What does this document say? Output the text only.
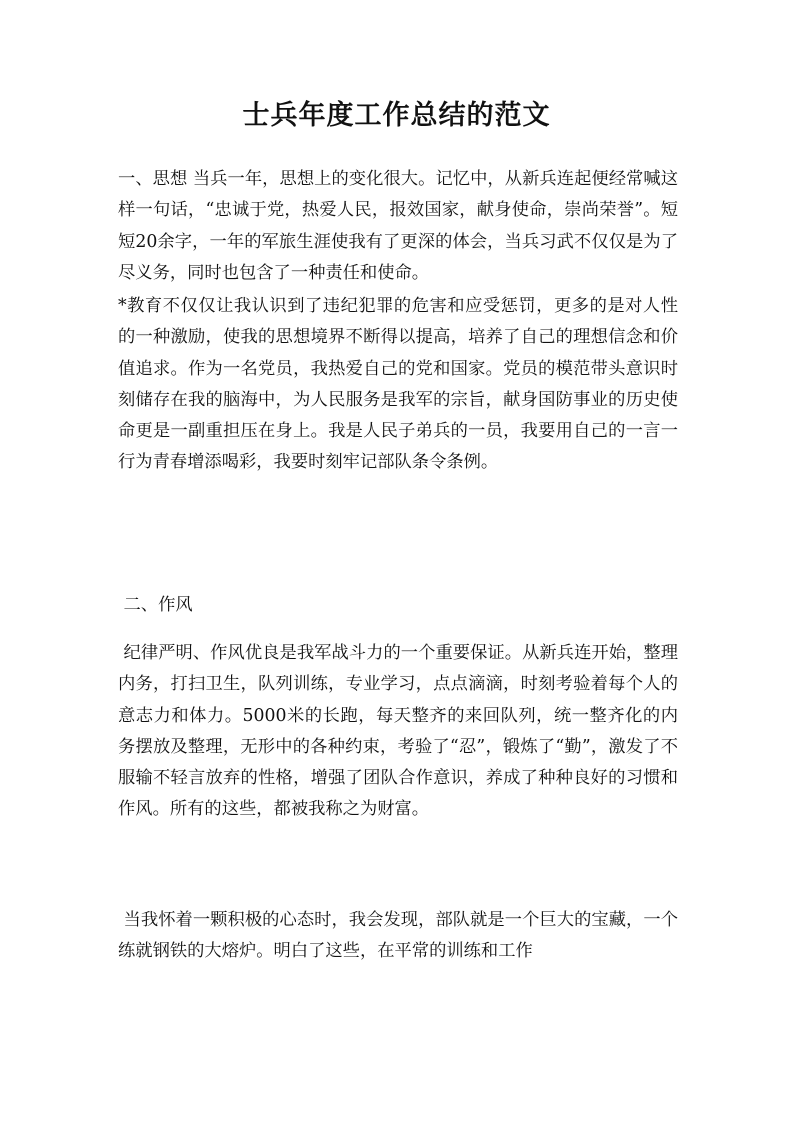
士兵年度工作总结的范文

一、思想 当兵一年，思想上的变化很大。记忆中，从新兵连起便经常喊这样一句话，“忠诚于党，热爱人民，报效国家，献身使命，崇尚荣誉”。短短20余字，一年的军旅生涯使我有了更深的体会，当兵习武不仅仅是为了尽义务，同时也包含了一种责任和使命。

*教育不仅仅让我认识到了违纪犯罪的危害和应受惩罚，更多的是对人性的一种激励，使我的思想境界不断得以提高，培养了自己的理想信念和价值追求。作为一名党员，我热爱自己的党和国家。党员的模范带头意识时刻储存在我的脑海中，为人民服务是我军的宗旨，献身国防事业的历史使命更是一副重担压在身上。我是人民子弟兵的一员，我要用自己的一言一行为青春增添喝彩，我要时刻牢记部队条令条例。

二、作风

纪律严明、作风优良是我军战斗力的一个重要保证。从新兵连开始，整理内务，打扫卫生，队列训练，专业学习，点点滴滴，时刻考验着每个人的意志力和体力。5000米的长跑，每天整齐的来回队列，统一整齐化的内务摆放及整理，无形中的各种约束，考验了“忍”，锻炼了“勤”，激发了不服输不轻言放弃的性格，增强了团队合作意识，养成了种种良好的习惯和作风。所有的这些，都被我称之为财富。

当我怀着一颗积极的心态时，我会发现，部队就是一个巨大的宝藏，一个练就钢铁的大熔炉。明白了这些，在平常的训练和工作
